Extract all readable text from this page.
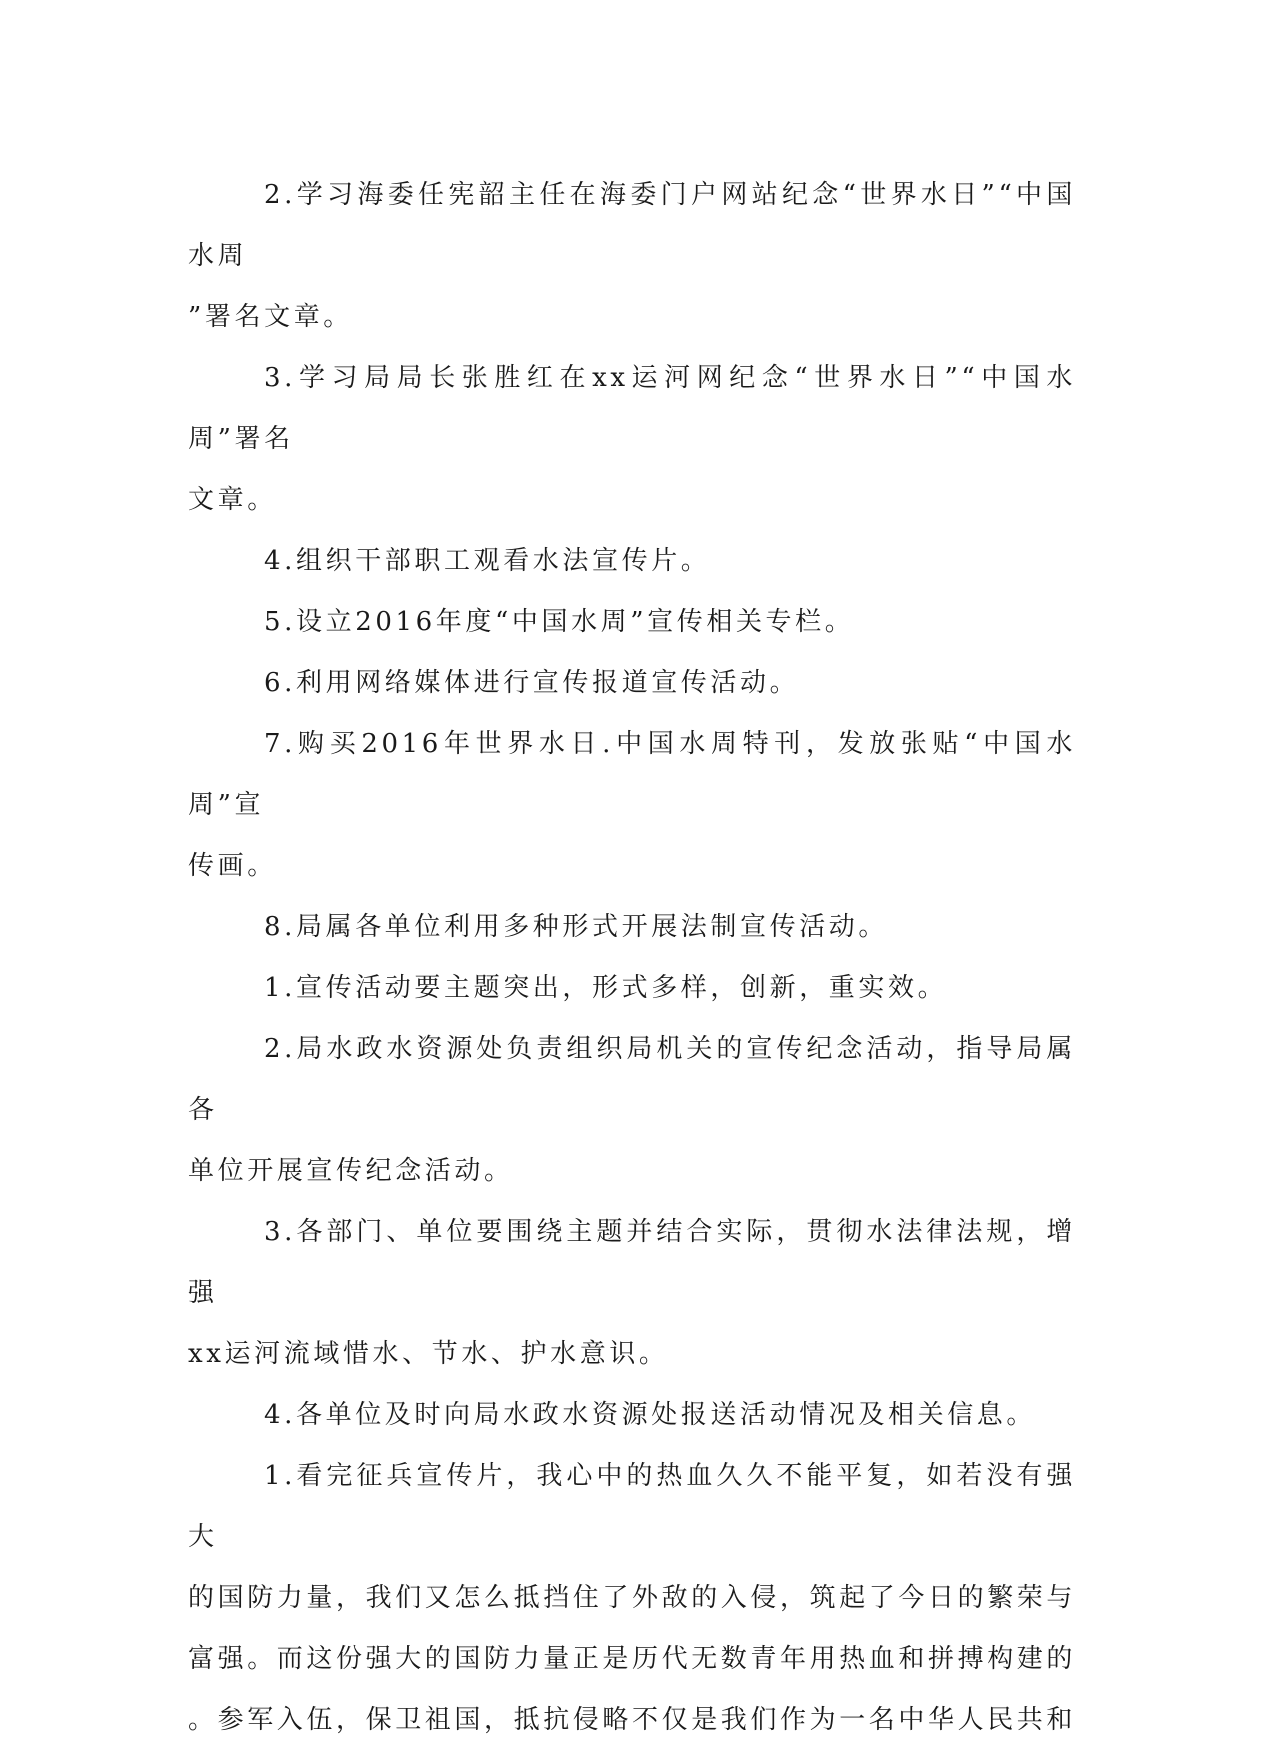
2.学习海委任宪韶主任在海委门户网站纪念“世界水日”“中国水周
”署名文章。

3.学习局局长张胜红在xx运河网纪念“世界水日”“中国水周”署名
文章。

4.组织干部职工观看水法宣传片。

5.设立2016年度“中国水周”宣传相关专栏。

6.利用网络媒体进行宣传报道宣传活动。

7.购买2016年世界水日.中国水周特刊，发放张贴“中国水周”宣
传画。

8.局属各单位利用多种形式开展法制宣传活动。

1.宣传活动要主题突出，形式多样，创新，重实效。

2.局水政水资源处负责组织局机关的宣传纪念活动，指导局属各
单位开展宣传纪念活动。

3.各部门、单位要围绕主题并结合实际，贯彻水法律法规，增强
xx运河流域惜水、节水、护水意识。

4.各单位及时向局水政水资源处报送活动情况及相关信息。

1.看完征兵宣传片，我心中的热血久久不能平复，如若没有强大
的国防力量，我们又怎么抵挡住了外敌的入侵，筑起了今日的繁荣与
富强。而这份强大的国防力量正是历代无数青年用热血和拼搏构建的
。参军入伍，保卫祖国，抵抗侵略不仅是我们作为一名中华人民共和
